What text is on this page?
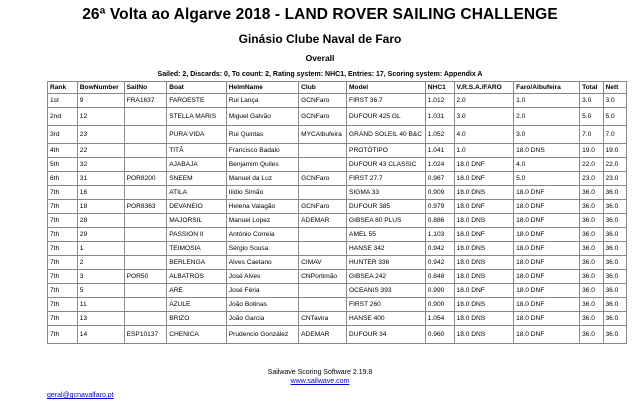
26ª Volta ao Algarve 2018 - LAND ROVER SAILING CHALLENGE
Ginásio Clube Naval de Faro
Overall
Sailed: 2, Discards: 0, To count: 2, Rating system: NHC1, Entries: 17, Scoring system: Appendix A
Rank	BowNumber	SailNo	Boat	HelmName	Club	Model	NHC1	V.R.S.A./FARO	Faro/Albufeira	Total	Nett
1st	9	FRA1637	FAROESTE	Rui Lança	GCNFaro	FIRST 36.7	1.012	2.0	1.0	3.0	3.0
2nd	12		STELLA MARIS	Miguel Galvão	GCNFaro	DUFOUR 425 GL	1.031	3.0	2.0	5.0	5.0
3rd	23		PURA VIDA	Rui Quintas	MYCAlbufeira	GRAND SOLEIL 40 B&C	1.052	4.0	3.0	7.0	7.0
4th	22		TITÃ	Francisco Badalo		PROTÓTIPO	1.041	1.0	18.0 DNS	19.0	19.0
5th	32		AJABAJA	Benjamim Quiles		DUFOUR 43 CLASSIC	1.024	18.0 DNF	4.0	22.0	22.0
6th	31	POR8200	SNEEM	Manuel da Luz	GCNFaro	FIRST 27.7	0.967	18.0 DNF	5.0	23.0	23.0
7th	16		ATILA	Ilídio Simão		SIGMA 33	0.909	18.0 DNS	18.0 DNF	36.0	36.0
7th	18	POR8363	DEVANEIO	Helena Valagão	GCNFaro	DUFOUR 385	0.979	18.0 DNF	18.0 DNF	36.0	36.0
7th	28		MAJORSIL	Manuel Lopez	ADEMAR	GIBSEA 80 PLUS	0.886	18.0 DNS	18.0 DNF	36.0	36.0
7th	29		PASSION II	António Correia		AMEL 55	1.103	18.0 DNF	18.0 DNF	36.0	36.0
7th	1		TEIMOSIA	Sérgio Sousa		HANSE 342	0.942	18.0 DNS	18.0 DNF	36.0	36.0
7th	2		BERLENGA	Alves Caetano	CIMAV	HUNTER 336	0.942	18.0 DNS	18.0 DNF	36.0	36.0
7th	3	POR50	ALBATROS	José Alves	CNPortimão	GIBSEA 242	0.848	18.0 DNS	18.0 DNF	36.0	36.0
7th	5		ARE	José Féria		OCEANIS 393	0.990	18.0 DNF	18.0 DNF	36.0	36.0
7th	11		AZULE	João Botinas		FIRST 260	0.900	18.0 DNS	18.0 DNF	36.0	36.0
7th	13		BRIZO	João Garcia	CNTavira	HANSE 400	1.054	18.0 DNS	18.0 DNF	36.0	36.0
7th	14	ESP10137	CHENICA	Prudencio González	ADEMAR	DUFOUR 34	0.960	18.0 DNS	18.0 DNF	36.0	36.0
Sailwave Scoring Software 2.19.8
www.sailwave.com
geral@gcnavalfaro.pt
